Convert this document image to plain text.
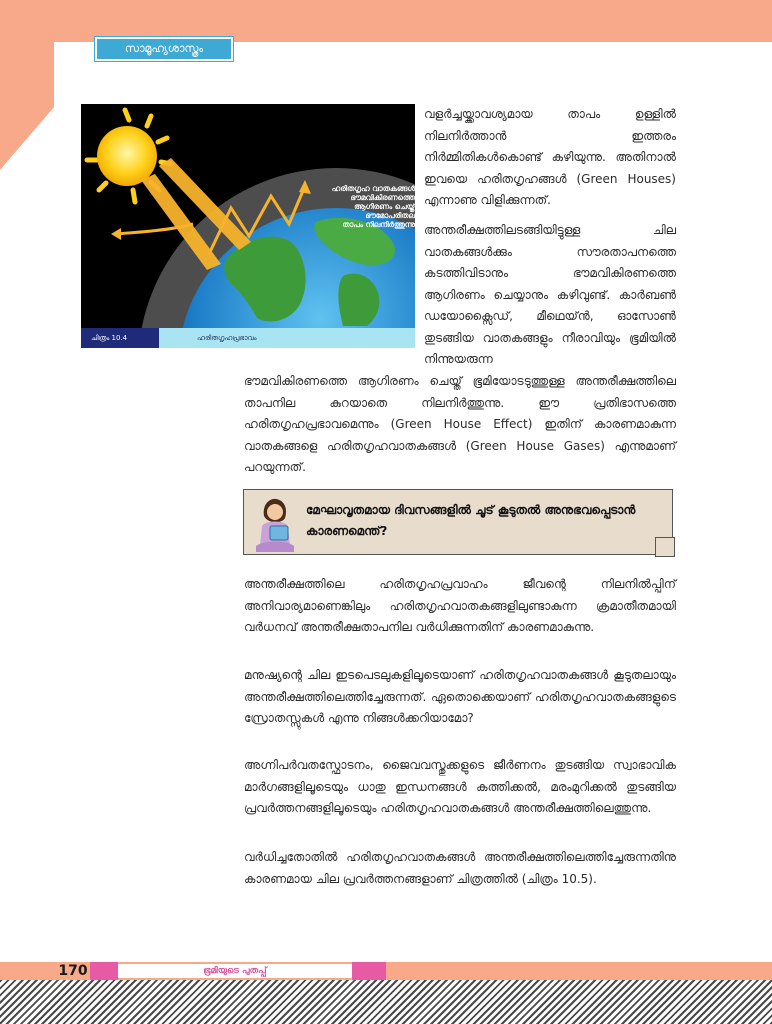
സാമൂഹ്യശാസ്ത്രം
ഹരിതഗൃഹ വാതകങ്ങൾ
ഭൗമവികിരണത്തെ
ആഗിരണം ചെയ്ത്
ഭൗമോപരിതല
താപം നിലനിർത്തുന്നു
ചിത്രം 10.4	ഹരിതഗൃഹപ്രഭാവം

വളർച്ചയ്ക്കാവശ്യമായ താപം ഉള്ളിൽ നിലനിർത്താൻ ഇത്തരം നിർമ്മിതികൾകൊണ്ട് കഴിയുന്നു. അതിനാൽ ഇവയെ ഹരിതഗൃഹങ്ങൾ (Green Houses) എന്നാണു വിളിക്കുന്നത്.

അന്തരീക്ഷത്തിലടങ്ങിയിട്ടുള്ള ചില വാതകങ്ങൾക്കും സൗരതാപനത്തെ കടത്തിവിടാനും ഭൗമവികിരണത്തെ ആഗിരണം ചെയ്യാനും കഴിവുണ്ട്. കാർബൺ ഡയോക്സൈഡ്, മീഥെയ്ൻ, ഓസോൺ തുടങ്ങിയ വാതകങ്ങളും നീരാവിയും ഭൂമിയിൽ നിന്നുയരുന്ന

ഭൗമവികിരണത്തെ ആഗിരണം ചെയ്ത് ഭൂമിയോടടുത്തുള്ള അന്തരീക്ഷത്തിലെ താപനില കുറയാതെ നിലനിർത്തുന്നു. ഈ പ്രതിഭാസത്തെ ഹരിതഗൃഹപ്രഭാവമെന്നും (Green House Effect) ഇതിന് കാരണമാകുന്ന വാതകങ്ങളെ ഹരിതഗൃഹവാതകങ്ങൾ (Green House Gases) എന്നുമാണ് പറയുന്നത്.

മേഘാവൃതമായ ദിവസങ്ങളിൽ ചൂട് കൂടുതൽ അനുഭവപ്പെടാൻ കാരണമെന്ത്?

അന്തരീക്ഷത്തിലെ ഹരിതഗൃഹപ്രവാഹം ജീവന്റെ നിലനിൽപ്പിന് അനിവാര്യമാണെങ്കിലും ഹരിതഗൃഹവാതകങ്ങളിലുണ്ടാകുന്ന ക്രമാതീതമായി വർധനവ് അന്തരീക്ഷതാപനില വർധിക്കുന്നതിന് കാരണമാകുന്നു.

മനുഷ്യന്റെ ചില ഇടപെടലുകളിലൂടെയാണ് ഹരിതഗൃഹവാതകങ്ങൾ കൂടുതലായും അന്തരീക്ഷത്തിലെത്തിച്ചേരുന്നത്. ഏതൊക്കെയാണ് ഹരിതഗൃഹവാതകങ്ങളുടെ സ്രോതസ്സുകൾ എന്നു നിങ്ങൾക്കറിയാമോ?

അഗ്നിപർവതസ്ഫോടനം, ജൈവവസ്തുക്കളുടെ ജീർണനം തുടങ്ങിയ സ്വാഭാവിക മാർഗങ്ങളിലൂടെയും ധാതു ഇന്ധനങ്ങൾ കത്തിക്കൽ, മരംമുറിക്കൽ തുടങ്ങിയ പ്രവർത്തനങ്ങളിലൂടെയും ഹരിതഗൃഹവാതകങ്ങൾ അന്തരീക്ഷത്തിലെത്തുന്നു.

വർധിച്ചതോതിൽ ഹരിതഗൃഹവാതകങ്ങൾ അന്തരീക്ഷത്തിലെത്തിച്ചേരുന്നതിനു കാരണമായ ചില പ്രവർത്തനങ്ങളാണ് ചിത്രത്തിൽ (ചിത്രം 10.5).

170	ഭൂമിയുടെ പുതപ്പ്
